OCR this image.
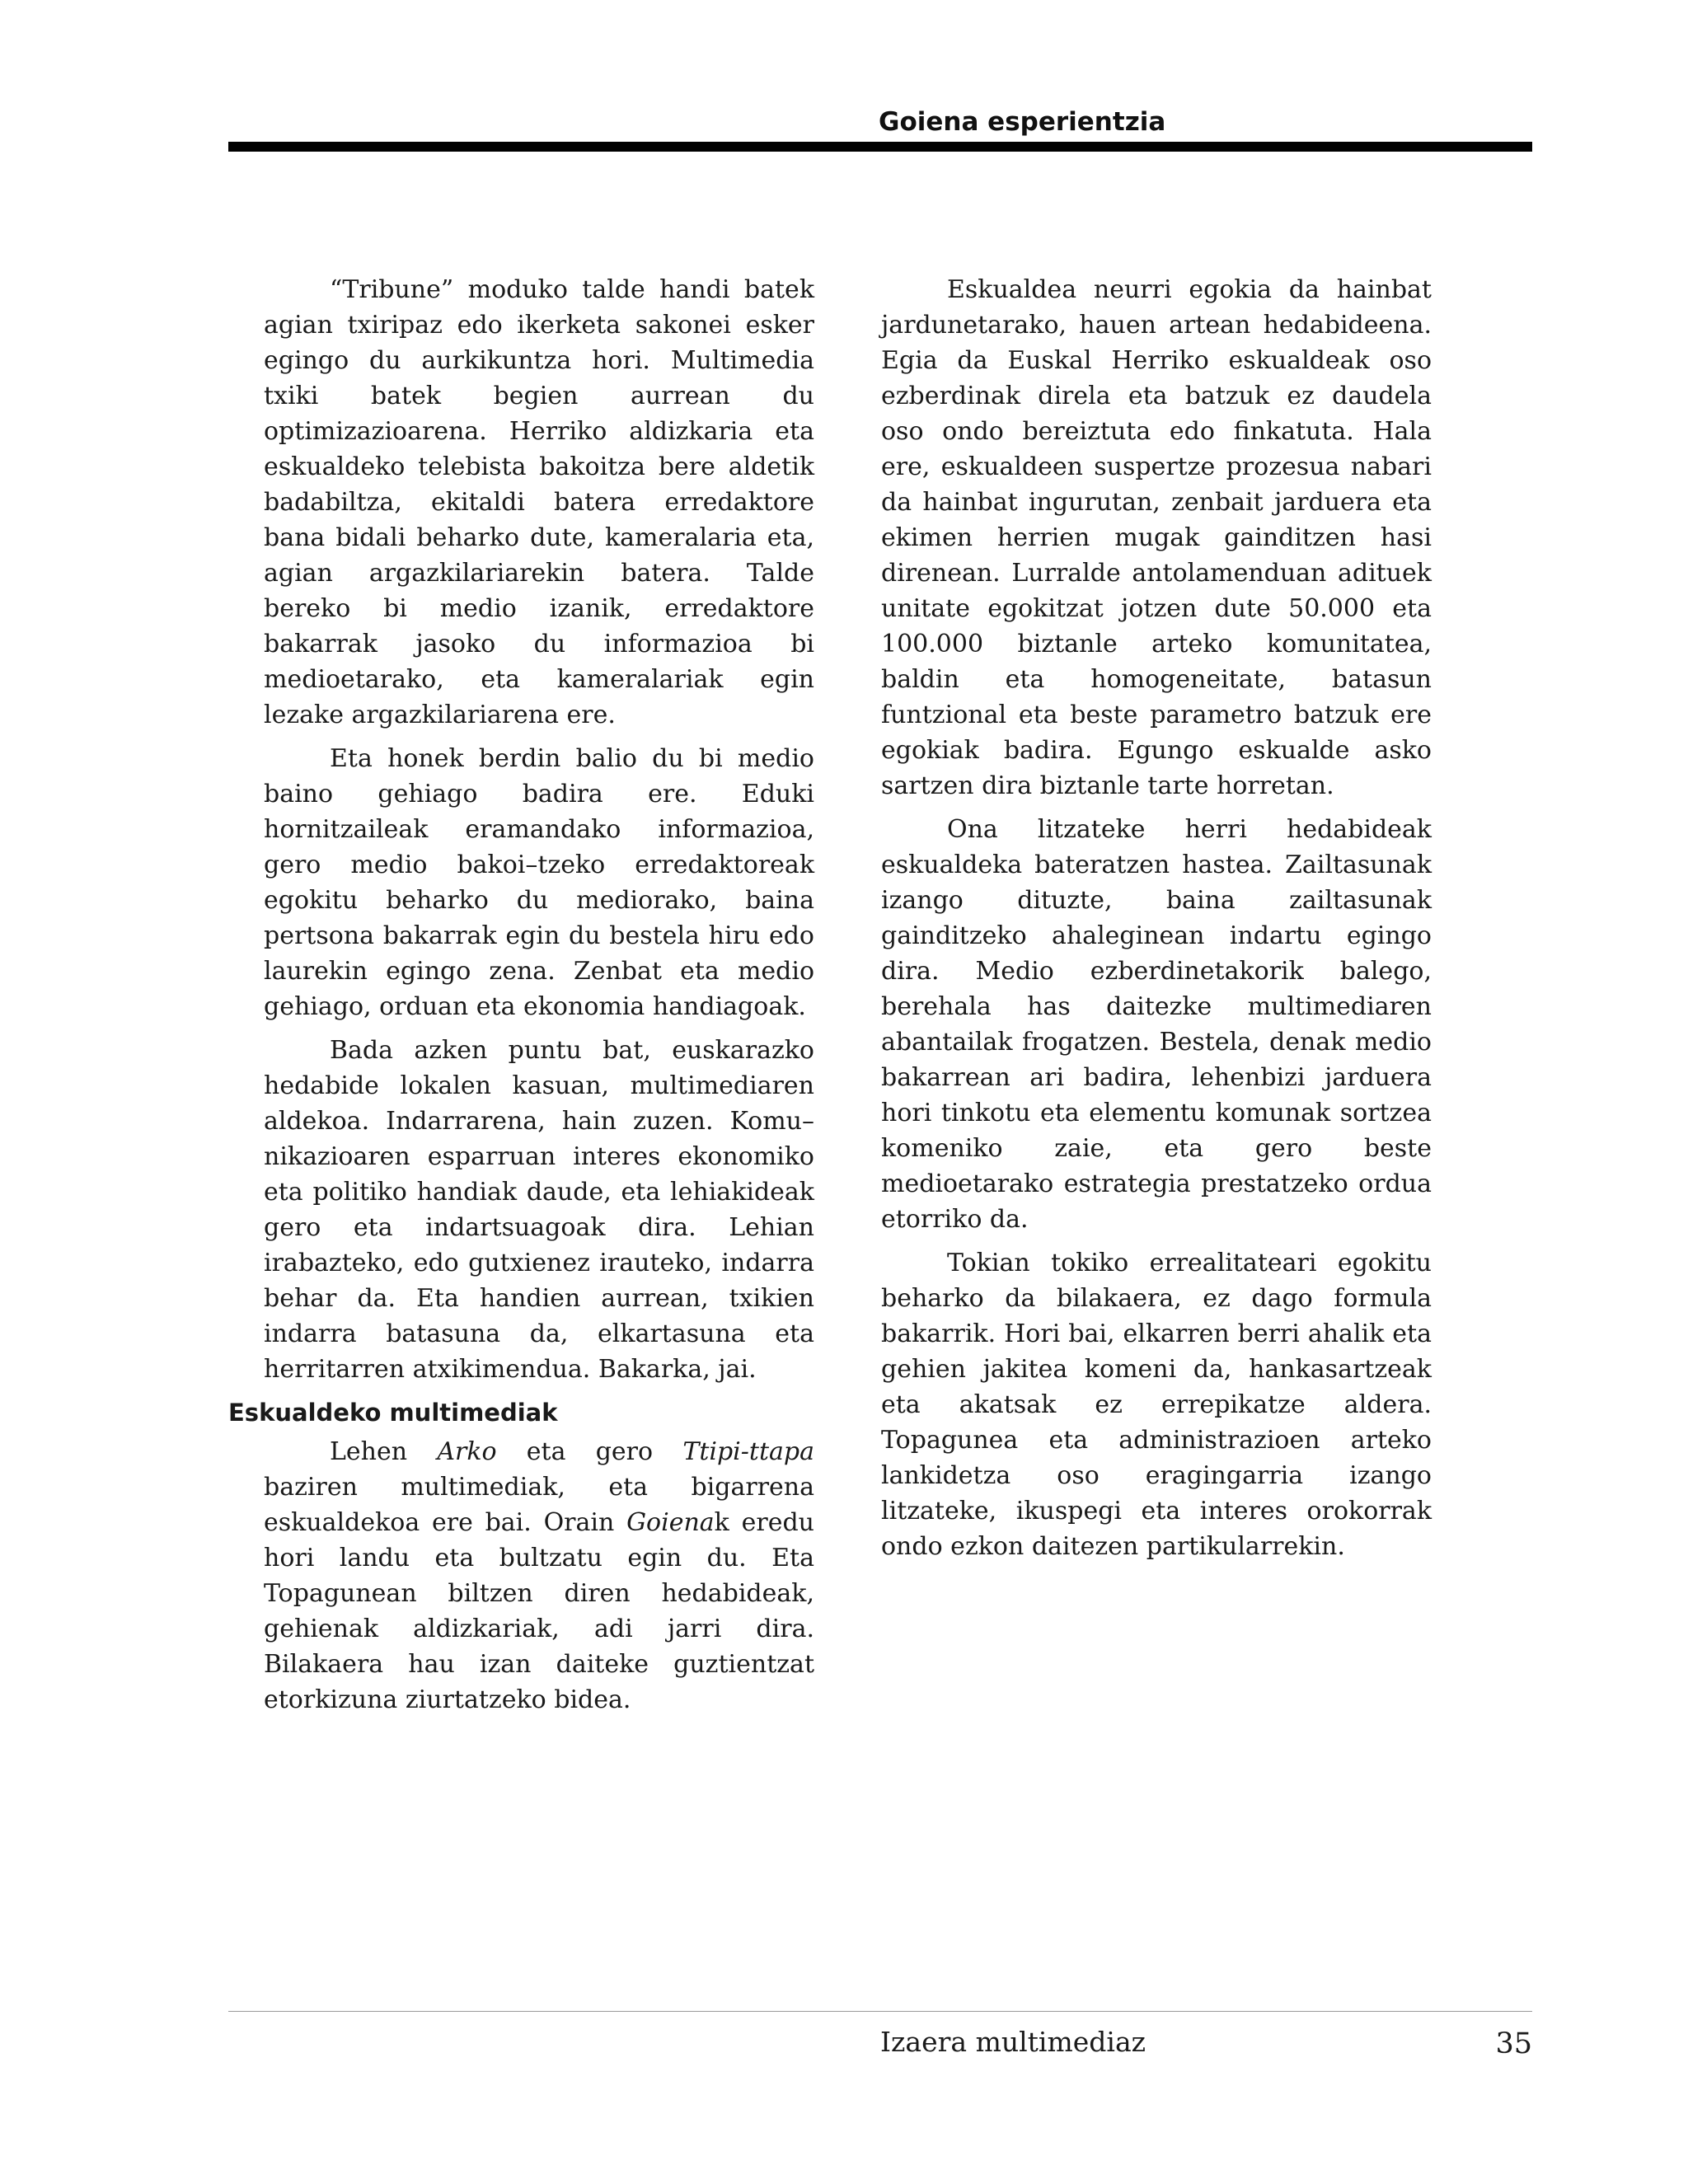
Goiena esperientzia

“Tribune” moduko talde handi batek agian txiripaz edo ikerketa sakonei esker egingo du aurkikuntza hori. Multimedia txiki batek begien aurrean du optimizazioarena. Herriko aldizkaria eta eskualdeko telebista bakoitza bere aldetik badabiltza, ekitaldi batera erredaktore bana bidali beharko dute, kameralaria eta, agian argazkilariarekin batera. Talde bereko bi medio izanik, erredaktore bakarrak jasoko du informazioa bi medioetarako, eta kameralariak egin lezake argazkilariarena ere.

Eta honek berdin balio du bi medio baino gehiago badira ere. Eduki hornitzaileak eramandako informazioa, gero medio bakoi–tzeko erredaktoreak egokitu beharko du mediorako, baina pertsona bakarrak egin du bestela hiru edo laurekin egingo zena. Zenbat eta medio gehiago, orduan eta ekonomia handiagoak.

Bada azken puntu bat, euskarazko hedabide lokalen kasuan, multimediaren aldekoa. Indarrarena, hain zuzen. Komu–nikazioaren esparruan interes ekonomiko eta politiko handiak daude, eta lehiakideak gero eta indartsuagoak dira. Lehian irabazteko, edo gutxienez irauteko, indarra behar da. Eta handien aurrean, txikien indarra batasuna da, elkartasuna eta herritarren atxikimendua. Bakarka, jai.

Eskualdeko multimediak

Lehen Arko eta gero Ttipi-ttapa baziren multimediak, eta bigarrena eskualdekoa ere bai. Orain Goienak eredu hori landu eta bultzatu egin du. Eta Topagunean biltzen diren hedabideak, gehienak aldizkariak, adi jarri dira. Bilakaera hau izan daiteke guztientzat etorkizuna ziurtatzeko bidea.

Eskualdea neurri egokia da hainbat jardunetarako, hauen artean hedabideena. Egia da Euskal Herriko eskualdeak oso ezberdinak direla eta batzuk ez daudela oso ondo bereiztuta edo finkatuta. Hala ere, eskualdeen suspertze prozesua nabari da hainbat ingurutan, zenbait jarduera eta ekimen herrien mugak gainditzen hasi direnean. Lurralde antolamenduan adituek unitate egokitzat jotzen dute 50.000 eta 100.000 biztanle arteko komunitatea, baldin eta homogeneitate, batasun funtzional eta beste parametro batzuk ere egokiak badira. Egungo eskualde asko sartzen dira biztanle tarte horretan.

Ona litzateke herri hedabideak eskualdeka bateratzen hastea. Zailtasunak izango dituzte, baina zailtasunak gainditzeko ahaleginean indartu egingo dira. Medio ezberdinetakorik balego, berehala has daitezke multimediaren abantailak frogatzen. Bestela, denak medio bakarrean ari badira, lehenbizi jarduera hori tinkotu eta elementu komunak sortzea komeniko zaie, eta gero beste medioetarako estrategia prestatzeko ordua etorriko da.

Tokian tokiko errealitateari egokitu beharko da bilakaera, ez dago formula bakarrik. Hori bai, elkarren berri ahalik eta gehien jakitea komeni da, hankasartzeak eta akatsak ez errepikatze aldera. Topagunea eta administrazioen arteko lankidetza oso eragingarria izango litzateke, ikuspegi eta interes orokorrak ondo ezkon daitezen partikularrekin.

Izaera multimediaz	35
